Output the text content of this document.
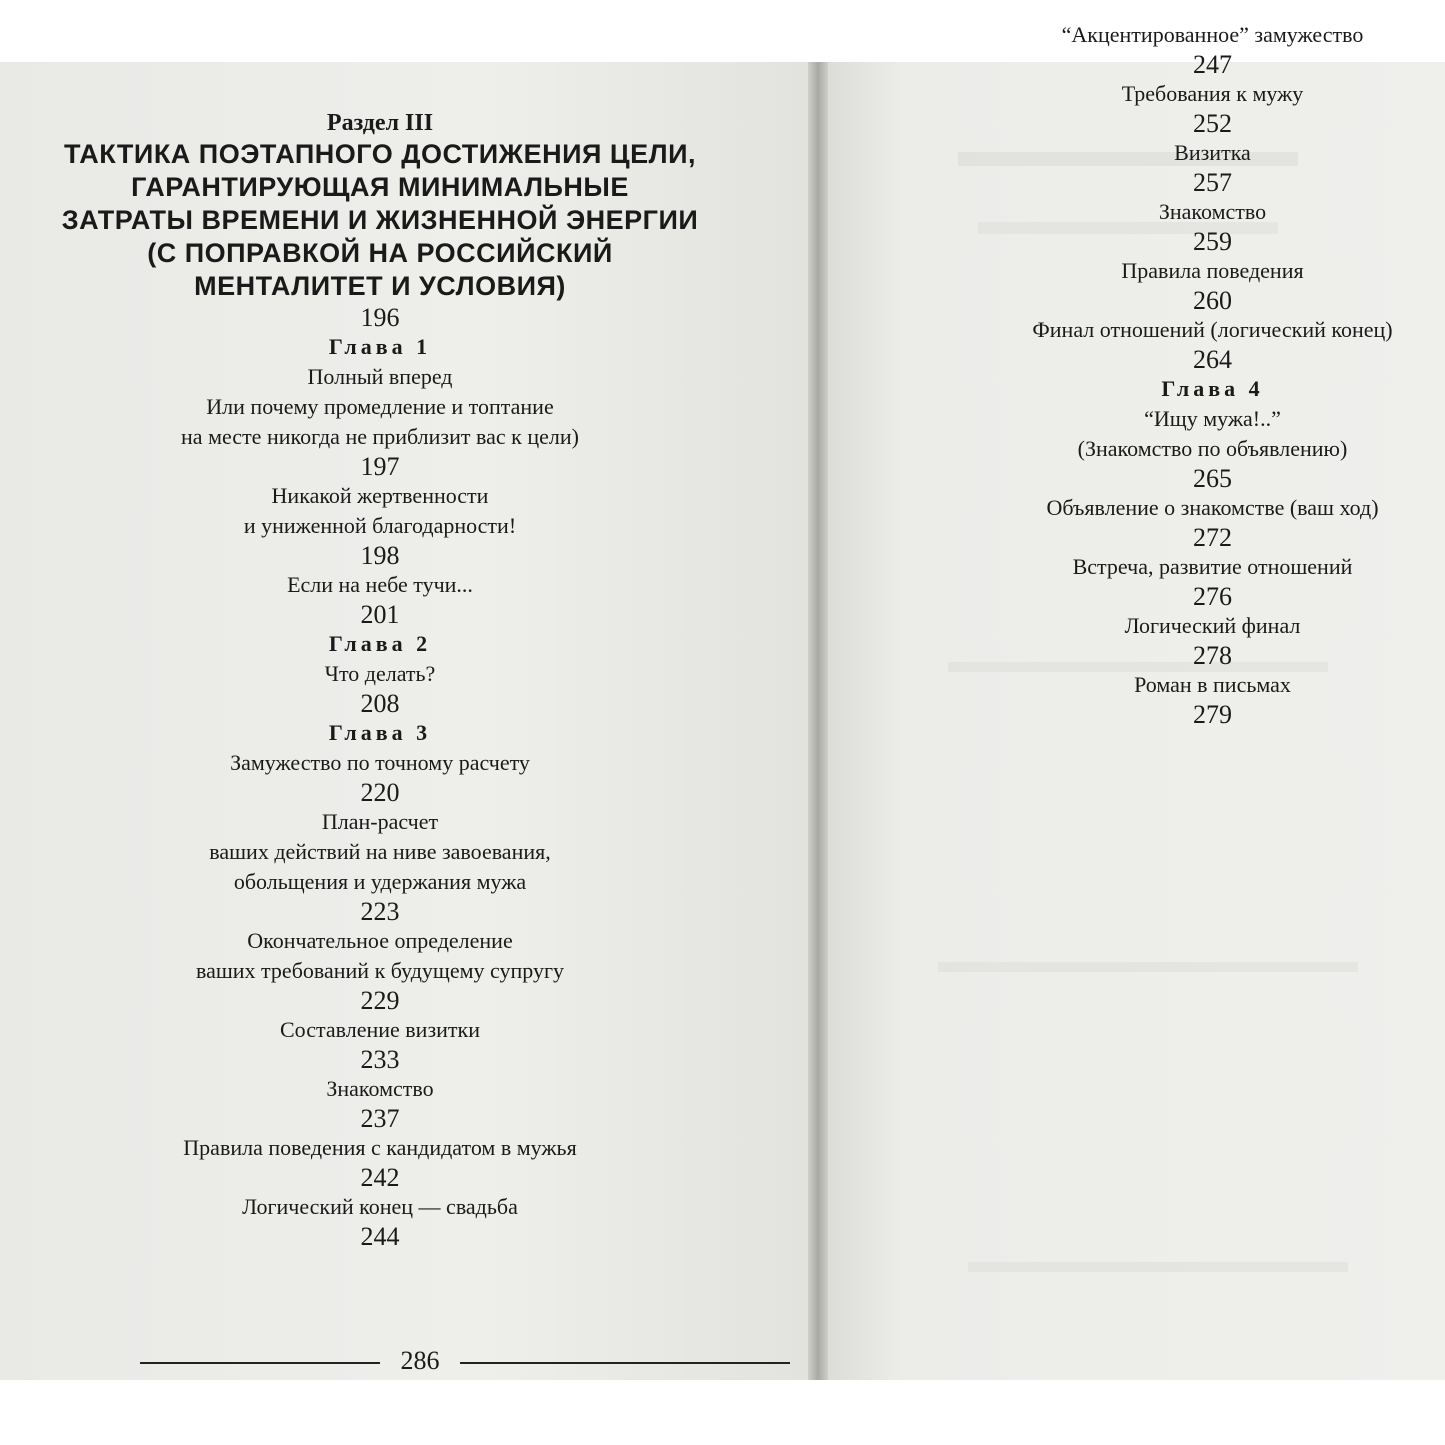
Раздел III
ТАКТИКА ПОЭТАПНОГО ДОСТИЖЕНИЯ ЦЕЛИ,
ГАРАНТИРУЮЩАЯ МИНИМАЛЬНЫЕ
ЗАТРАТЫ ВРЕМЕНИ И ЖИЗНЕННОЙ ЭНЕРГИИ
(С ПОПРАВКОЙ НА РОССИЙСКИЙ
МЕНТАЛИТЕТ И УСЛОВИЯ)
196
Глава 1
Полный вперед
Или почему промедление и топтание
на месте никогда не приблизит вас к цели)
197
Никакой жертвенности
и униженной благодарности!
198
Если на небе тучи...
201
Глава 2
Что делать?
208
Глава 3
Замужество по точному расчету
220
План-расчет
ваших действий на ниве завоевания,
обольщения и удержания мужа
223
Окончательное определение
ваших требований к будущему супругу
229
Составление визитки
233
Знакомство
237
Правила поведения с кандидатом в мужья
242
Логический конец — свадьба
244
“Акцентированное” замужество
247
Требования к мужу
252
Визитка
257
Знакомство
259
Правила поведения
260
Финал отношений (логический конец)
264
Глава 4
“Ищу мужа!..”
(Знакомство по объявлению)
265
Объявление о знакомстве (ваш ход)
272
Встреча, развитие отношений
276
Логический финал
278
Роман в письмах
279
286
